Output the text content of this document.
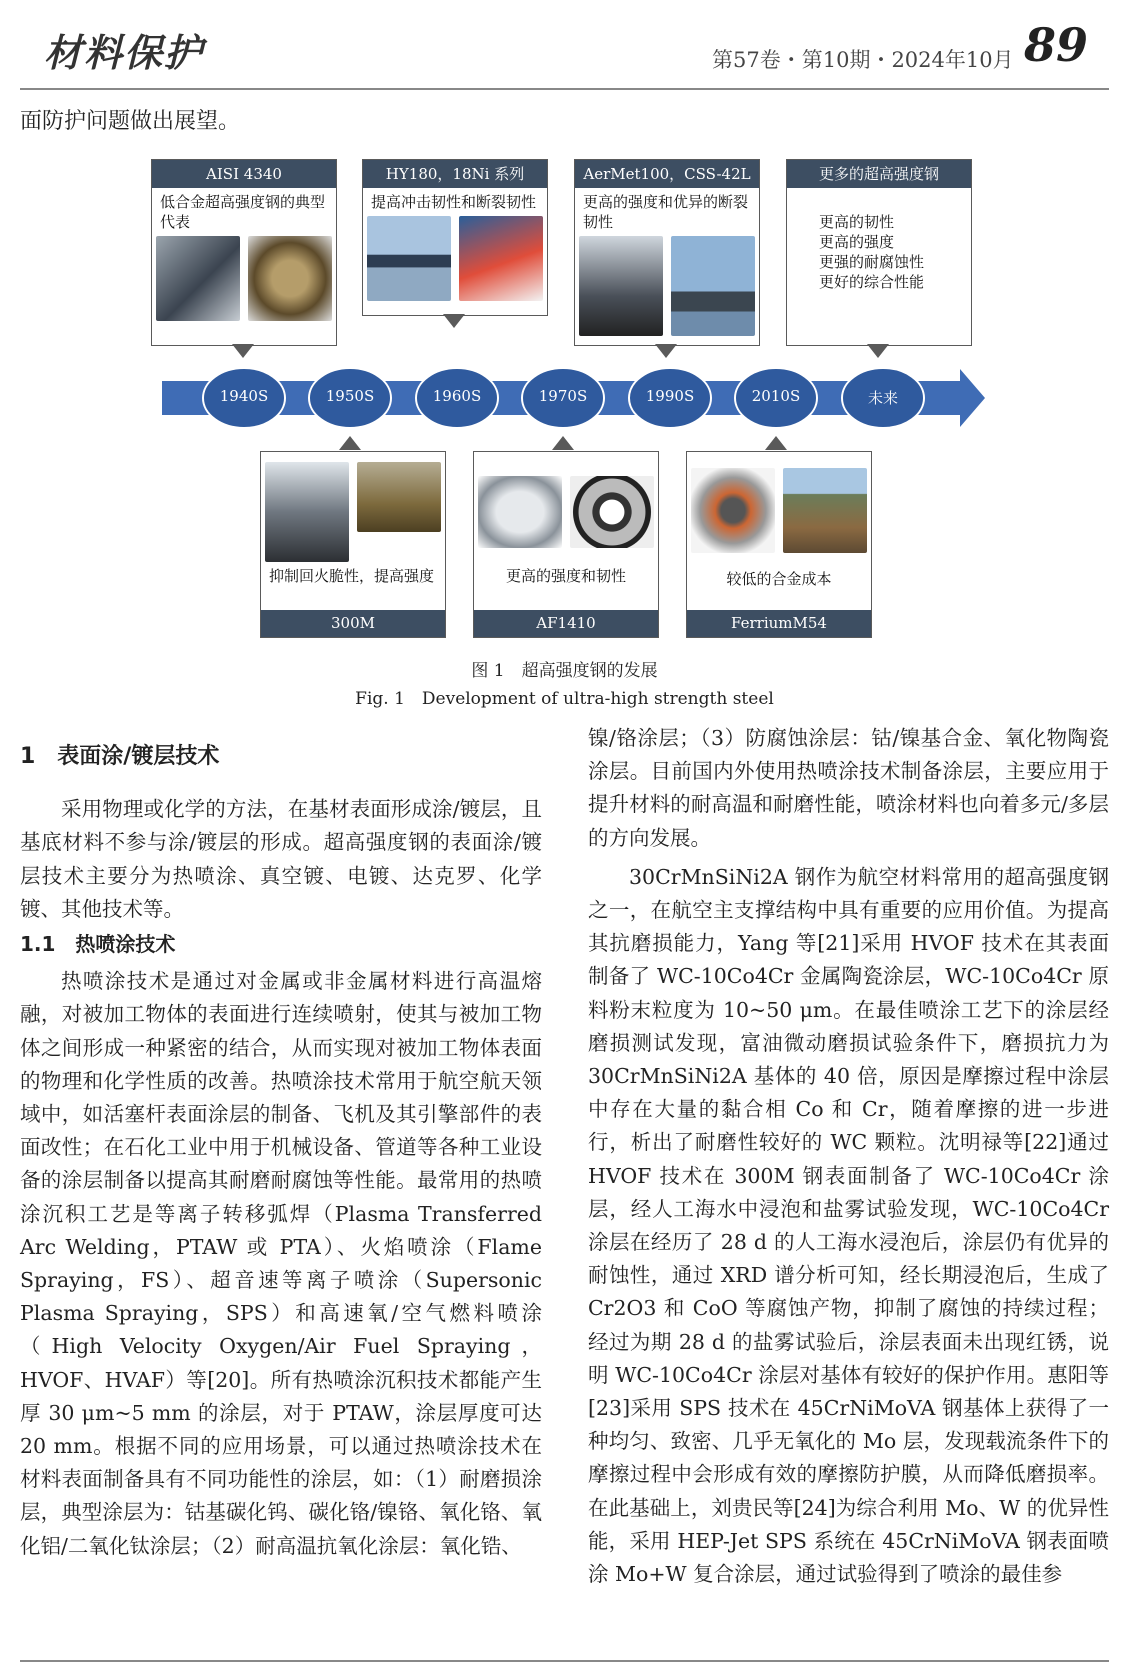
材料保护	第57卷・第10期・2024年10月 89
面防护问题做出展望。
AISI 4340
低合金超高强度钢的典型代表
HY180，18Ni 系列
提高冲击韧性和断裂韧性
AerMet100，CSS-42L
更高的强度和优异的断裂韧性
更多的超高强度钢
更高的韧性
更高的强度
更强的耐腐蚀性
更好的综合性能
1940S	1950S	1960S	1970S	1990S	2010S	未来
抑制回火脆性，提高强度
300M
更高的强度和韧性
AF1410
较低的合金成本
FerriumM54
图 1　超高强度钢的发展
Fig. 1　Development of ultra-high strength steel
1　表面涂/镀层技术

采用物理或化学的方法，在基材表面形成涂/镀层，且基底材料不参与涂/镀层的形成。超高强度钢的表面涂/镀层技术主要分为热喷涂、真空镀、电镀、达克罗、化学镀、其他技术等。

1.1　热喷涂技术

热喷涂技术是通过对金属或非金属材料进行高温熔融，对被加工物体的表面进行连续喷射，使其与被加工物体之间形成一种紧密的结合，从而实现对被加工物体表面的物理和化学性质的改善。热喷涂技术常用于航空航天领域中，如活塞杆表面涂层的制备、飞机及其引擎部件的表面改性；在石化工业中用于机械设备、管道等各种工业设备的涂层制备以提高其耐磨耐腐蚀等性能。最常用的热喷涂沉积工艺是等离子转移弧焊（Plasma Transferred Arc Welding，PTAW 或 PTA）、火焰喷涂（Flame Spraying，FS）、超音速等离子喷涂（Supersonic Plasma Spraying，SPS）和高速氧/空气燃料喷涂（High Velocity Oxygen/Air Fuel Spraying，HVOF、HVAF）等[20]。所有热喷涂沉积技术都能产生厚 30 μm~5 mm 的涂层，对于 PTAW，涂层厚度可达 20 mm。根据不同的应用场景，可以通过热喷涂技术在材料表面制备具有不同功能性的涂层，如：（1）耐磨损涂层，典型涂层为：钴基碳化钨、碳化铬/镍铬、氧化铬、氧化铝/二氧化钛涂层；（2）耐高温抗氧化涂层：氧化锆、

镍/铬涂层；（3）防腐蚀涂层：钴/镍基合金、氧化物陶瓷涂层。目前国内外使用热喷涂技术制备涂层，主要应用于提升材料的耐高温和耐磨性能，喷涂材料也向着多元/多层的方向发展。

30CrMnSiNi2A 钢作为航空材料常用的超高强度钢之一，在航空主支撑结构中具有重要的应用价值。为提高其抗磨损能力，Yang 等[21]采用 HVOF 技术在其表面制备了 WC-10Co4Cr 金属陶瓷涂层，WC-10Co4Cr 原料粉末粒度为 10~50 μm。在最佳喷涂工艺下的涂层经磨损测试发现，富油微动磨损试验条件下，磨损抗力为 30CrMnSiNi2A 基体的 40 倍，原因是摩擦过程中涂层中存在大量的黏合相 Co 和 Cr，随着摩擦的进一步进行，析出了耐磨性较好的 WC 颗粒。沈明禄等[22]通过 HVOF 技术在 300M 钢表面制备了 WC-10Co4Cr 涂层，经人工海水中浸泡和盐雾试验发现，WC-10Co4Cr 涂层在经历了 28 d 的人工海水浸泡后，涂层仍有优异的耐蚀性，通过 XRD 谱分析可知，经长期浸泡后，生成了 Cr2O3 和 CoO 等腐蚀产物，抑制了腐蚀的持续过程；经过为期 28 d 的盐雾试验后，涂层表面未出现红锈，说明 WC-10Co4Cr 涂层对基体有较好的保护作用。惠阳等[23]采用 SPS 技术在 45CrNiMoVA 钢基体上获得了一种均匀、致密、几乎无氧化的 Mo 层，发现载流条件下的摩擦过程中会形成有效的摩擦防护膜，从而降低磨损率。在此基础上，刘贵民等[24]为综合利用 Mo、W 的优异性能，采用 HEP-Jet SPS 系统在 45CrNiMoVA 钢表面喷涂 Mo+W 复合涂层，通过试验得到了喷涂的最佳参
